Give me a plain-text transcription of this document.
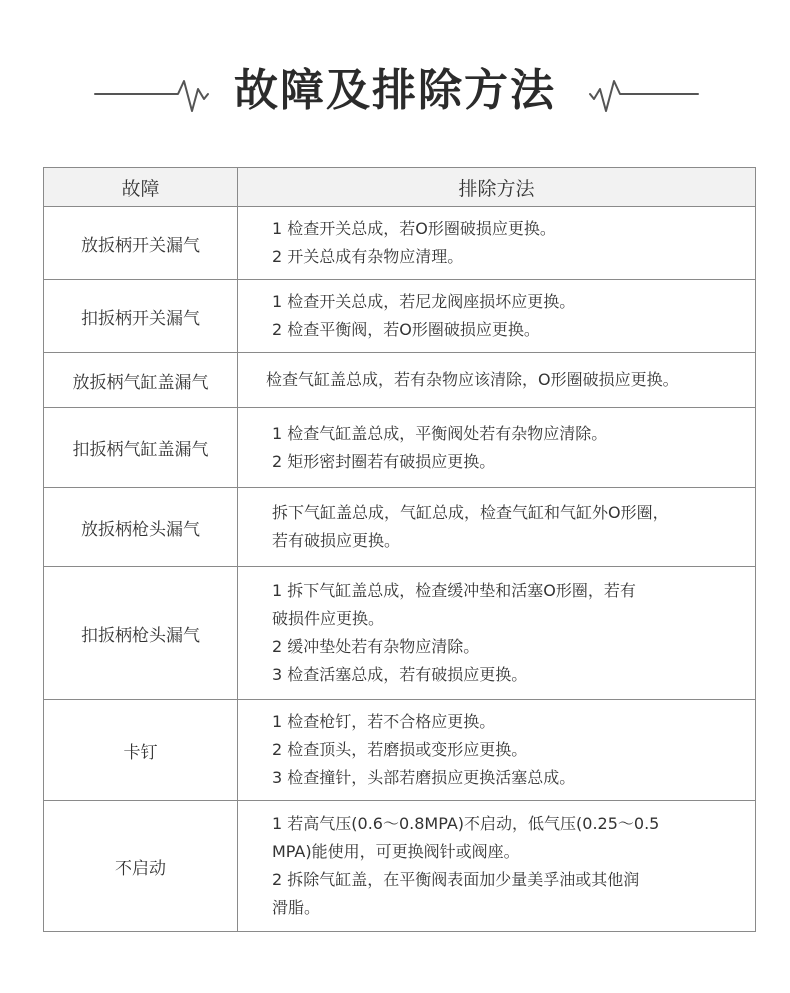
故障及排除方法
故障	排除方法
放扳柄开关漏气	1 检查开关总成，若O形圈破损应更换。
2 开关总成有杂物应清理。

扣扳柄开关漏气	1 检查开关总成，若尼龙阀座损坏应更换。
2 检查平衡阀，若O形圈破损应更换。

放扳柄气缸盖漏气	检查气缸盖总成，若有杂物应该清除，O形圈破损应更换。

扣扳柄气缸盖漏气	1 检查气缸盖总成，平衡阀处若有杂物应清除。
2 矩形密封圈若有破损应更换。

放扳柄枪头漏气	拆下气缸盖总成，气缸总成，检查气缸和气缸外O形圈，
若有破损应更换。

扣扳柄枪头漏气	1 拆下气缸盖总成，检查缓冲垫和活塞O形圈，若有
破损件应更换。
2 缓冲垫处若有杂物应清除。
3 检查活塞总成，若有破损应更换。

卡钉	1 检查枪钉，若不合格应更换。
2 检查顶头，若磨损或变形应更换。
3 检查撞针，头部若磨损应更换活塞总成。

不启动	1 若高气压(0.6～0.8MPA)不启动，低气压(0.25～0.5
MPA)能使用，可更换阀针或阀座。
2 拆除气缸盖，在平衡阀表面加少量美孚油或其他润
滑脂。
